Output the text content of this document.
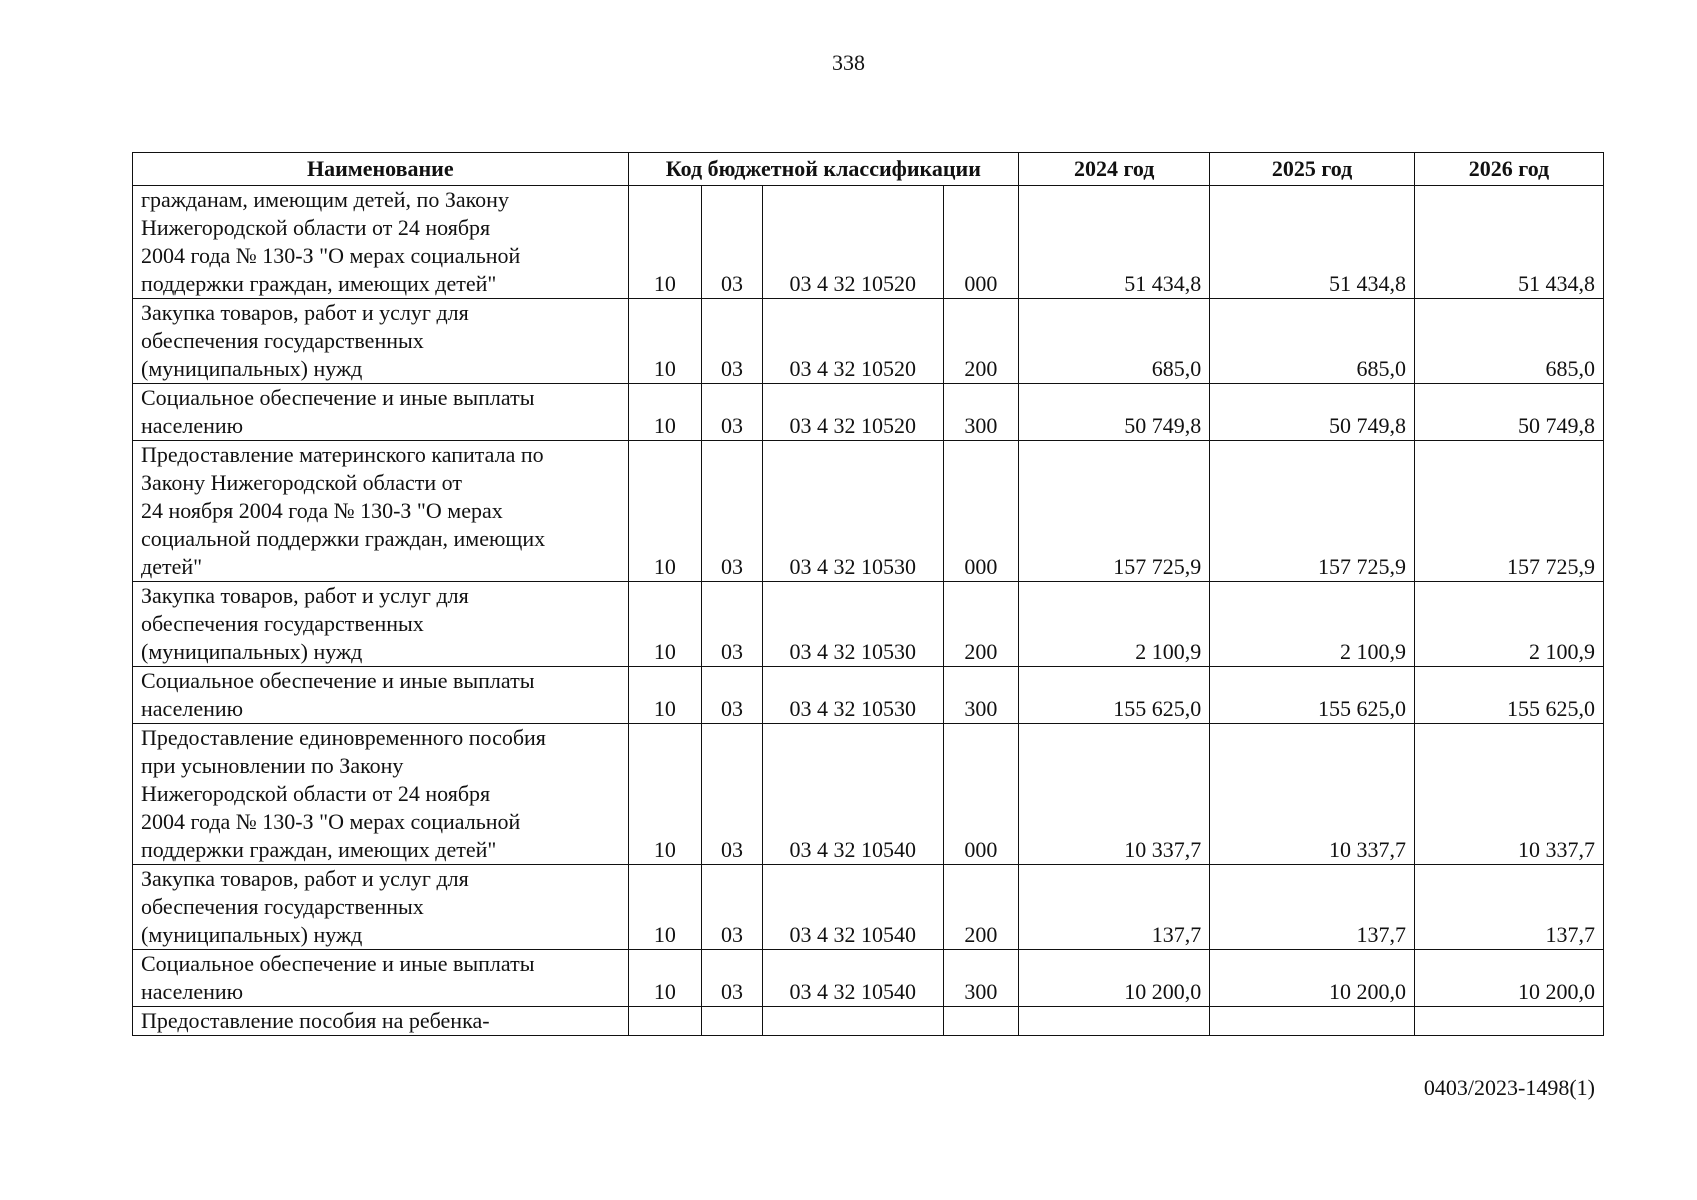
338
Наименование	Код бюджетной классификации				2024 год	2025 год	2026 год
гражданам, имеющим детей, по Закону
Нижегородской области от 24 ноября
2004 года № 130-З "О мерах социальной
поддержки граждан, имеющих детей"	10	03	03 4 32 10520	000	51 434,8	51 434,8	51 434,8
Закупка товаров, работ и услуг для
обеспечения государственных
(муниципальных) нужд	10	03	03 4 32 10520	200	685,0	685,0	685,0
Социальное обеспечение и иные выплаты
населению	10	03	03 4 32 10520	300	50 749,8	50 749,8	50 749,8
Предоставление материнского капитала по
Закону Нижегородской области от
24 ноября 2004 года № 130-З "О мерах
социальной поддержки граждан, имеющих
детей"	10	03	03 4 32 10530	000	157 725,9	157 725,9	157 725,9
Закупка товаров, работ и услуг для
обеспечения государственных
(муниципальных) нужд	10	03	03 4 32 10530	200	2 100,9	2 100,9	2 100,9
Социальное обеспечение и иные выплаты
населению	10	03	03 4 32 10530	300	155 625,0	155 625,0	155 625,0
Предоставление единовременного пособия
при усыновлении по Закону
Нижегородской области от 24 ноября
2004 года № 130-З "О мерах социальной
поддержки граждан, имеющих детей"	10	03	03 4 32 10540	000	10 337,7	10 337,7	10 337,7
Закупка товаров, работ и услуг для
обеспечения государственных
(муниципальных) нужд	10	03	03 4 32 10540	200	137,7	137,7	137,7
Социальное обеспечение и иные выплаты
населению	10	03	03 4 32 10540	300	10 200,0	10 200,0	10 200,0
Предоставление пособия на ребенка-							
0403/2023-1498(1)
